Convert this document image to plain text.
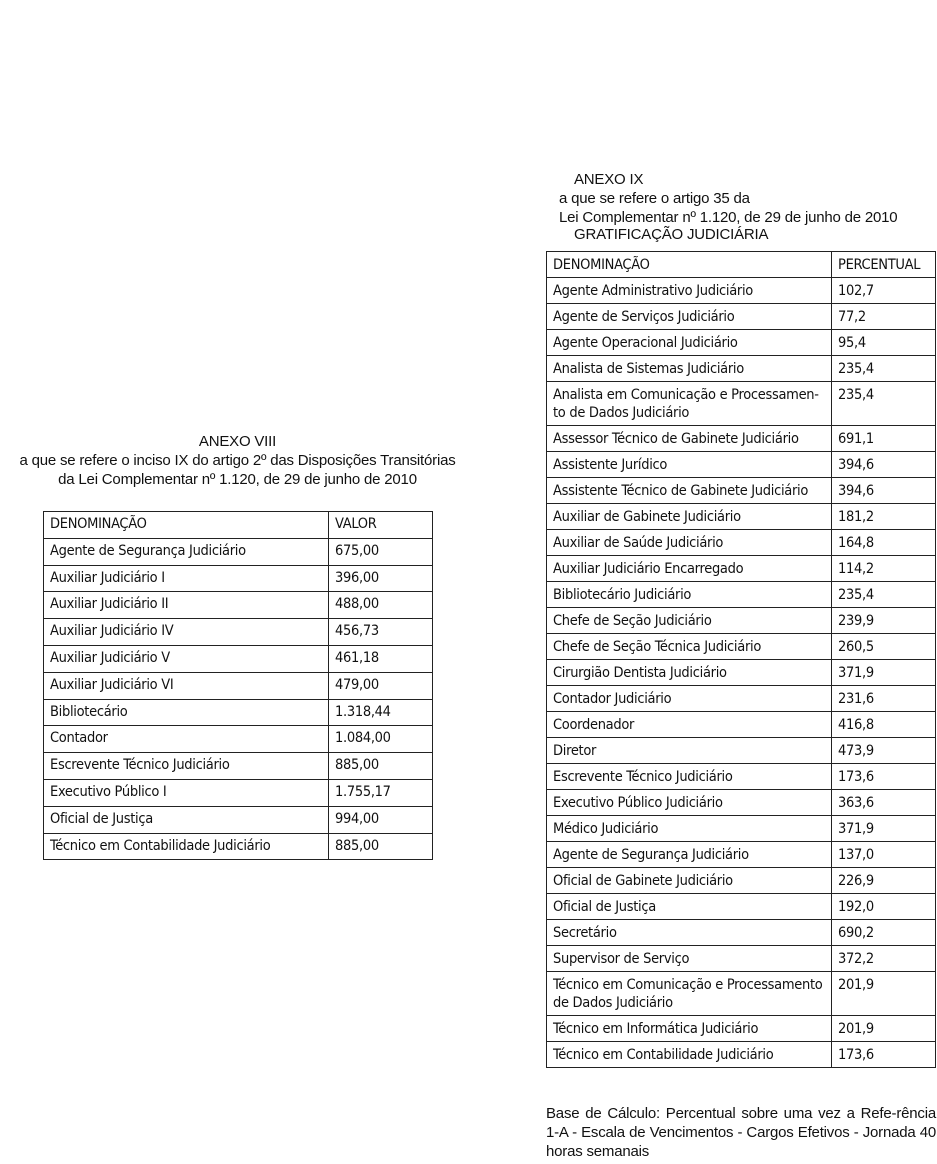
ANEXO VIII
a que se refere o inciso IX do artigo 2º das Disposições Transitórias
da Lei Complementar nº 1.120, de 29 de junho de 2010
DENOMINAÇÃO	VALOR
Agente de Segurança Judiciário	675,00
Auxiliar Judiciário I	396,00
Auxiliar Judiciário II	488,00
Auxiliar Judiciário IV	456,73
Auxiliar Judiciário V	461,18
Auxiliar Judiciário VI	479,00
Bibliotecário	1.318,44
Contador	1.084,00
Escrevente Técnico Judiciário	885,00
Executivo Público I	1.755,17
Oficial de Justiça	994,00
Técnico em Contabilidade Judiciário	885,00
ANEXO IX
a que se refere o artigo 35 da
Lei Complementar nº 1.120, de 29 de junho de 2010
GRATIFICAÇÃO JUDICIÁRIA
DENOMINAÇÃO	PERCENTUAL
Agente Administrativo Judiciário	102,7
Agente de Serviços Judiciário	77,2
Agente Operacional Judiciário	95,4
Analista de Sistemas Judiciário	235,4
Analista em Comunicação e Processamen-to de Dados Judiciário	235,4
Assessor Técnico de Gabinete Judiciário	691,1
Assistente Jurídico	394,6
Assistente Técnico de Gabinete Judiciário	394,6
Auxiliar de Gabinete Judiciário	181,2
Auxiliar de Saúde Judiciário	164,8
Auxiliar Judiciário Encarregado	114,2
Bibliotecário Judiciário	235,4
Chefe de Seção Judiciário	239,9
Chefe de Seção Técnica Judiciário	260,5
Cirurgião Dentista Judiciário	371,9
Contador Judiciário	231,6
Coordenador	416,8
Diretor	473,9
Escrevente Técnico Judiciário	173,6
Executivo Público Judiciário	363,6
Médico Judiciário	371,9
Agente de Segurança Judiciário	137,0
Oficial de Gabinete Judiciário	226,9
Oficial de Justiça	192,0
Secretário	690,2
Supervisor de Serviço	372,2
Técnico em Comunicação e Processamento de Dados Judiciário	201,9
Técnico em Informática Judiciário	201,9
Técnico em Contabilidade Judiciário	173,6
Base de Cálculo: Percentual sobre uma vez a Refe-rência 1-A - Escala de Vencimentos - Cargos Efetivos - Jornada 40 horas semanais
